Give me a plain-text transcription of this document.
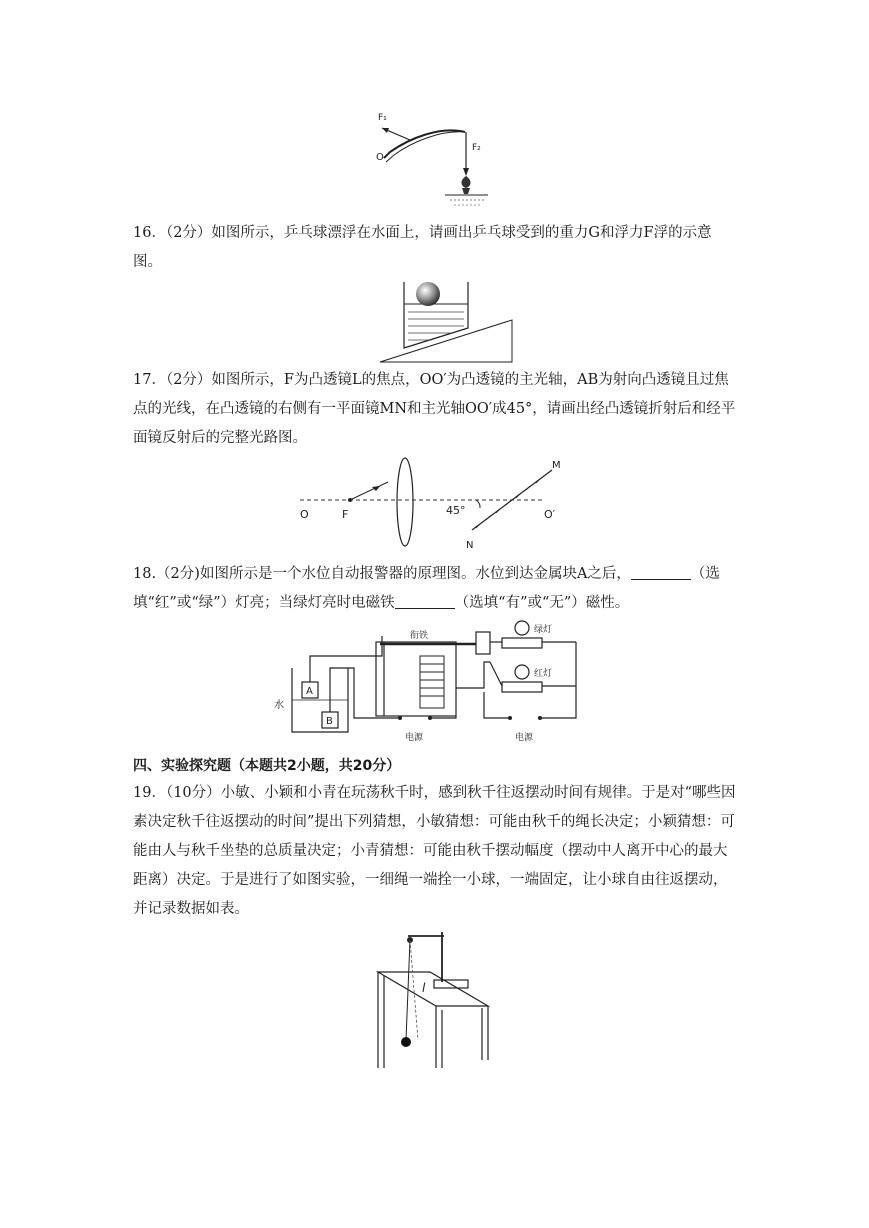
F₁
F₂
O

16．（2分）如图所示，乒乓球漂浮在水面上，请画出乒乓球受到的重力G和浮力F浮的示意图。

17．（2分）如图所示，F为凸透镜L的焦点，OO′为凸透镜的主光轴，AB为射向凸透镜且过焦点的光线，在凸透镜的右侧有一平面镜MN和主光轴OO′成45°，请画出经凸透镜折射后和经平面镜反射后的完整光路图。

O	F	45°
M
N
O′

18.（2分)如图所示是一个水位自动报警器的原理图。水位到达金属块A之后，	（选填“红”或“绿”）灯亮；当绿灯亮时电磁铁	（选填“有”或“无”）磁性。

衔铁
绿灯
红灯
水
A
B
电源	电源

四、实验探究题（本题共2小题，共20分）

19．（10分）小敏、小颖和小青在玩荡秋千时，感到秋千往返摆动时间有规律。于是对“哪些因素决定秋千往返摆动的时间”提出下列猜想，小敏猜想：可能由秋千的绳长决定；小颖猜想：可能由人与秋千坐垫的总质量决定；小青猜想：可能由秋千摆动幅度（摆动中人离开中心的最大距离）决定。于是进行了如图实验，一细绳一端拴一小球，一端固定，让小球自由往返摆动，并记录数据如表。

l
